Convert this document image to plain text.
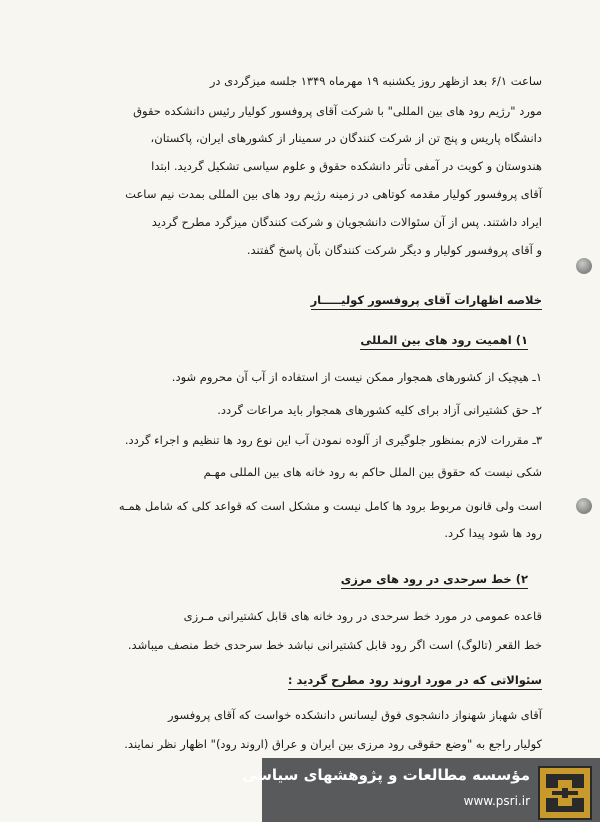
ساعت ۶/۱ بعد ازظهر روز یکشنبه ۱۹ مهرماه ۱۳۴۹ جلسه میزگردی در
مورد "رژیم رود های بین المللی" با شرکت آقای پروفسور کولیار رئیس دانشکده حقوق
دانشگاه پاریس و پنج تن از شرکت کنندگان در سمینار از کشورهای ایران، پاکستان،
هندوستان و کویت در آمفی تأتر دانشکده حقوق و علوم سیاسی تشکیل گردید. ابتدا
آقای پروفسور کولیار مقدمه کوتاهی در زمینه رژیم رود های بین المللی بمدت نیم ساعت
ایراد داشتند. پس از آن سئوالات دانشجویان و شرکت کنندگان میزگرد مطرح گردید
و آقای پروفسور کولیار و دیگر شرکت کنندگان بآن پاسخ گفتند.
خلاصه اظهارات آقای پروفسور کولیـــــار
۱) اهمیت رود های بین المللی
۱ـ هیچیک از کشورهای همجوار ممکن نیست از استفاده از آب آن محروم شود.
۲ـ حق کشتیرانی آزاد برای کلیه کشورهای همجوار باید مراعات گردد.
۳ـ مقررات لازم بمنظور جلوگیری از آلوده نمودن آب این نوع رود ها تنظیم و اجراء گردد.
شکی نیست که حقوق بین الملل حاکم به رود خانه های بین المللی مهـم
است ولی قانون مربوط برود ها کامل نیست و مشکل است که قواعد کلی که شامل همـه
رود ها شود پیدا کرد.
۲) خط سرحدی در رود های مرزی
قاعده عمومی در مورد خط سرحدی در رود خانه های قابل کشتیرانی مـرزی
خط القعر (تالوگ) است اگر رود قابل کشتیرانی نباشد خط سرحدی خط منصف میباشد.
سئوالاتی که در مورد اروند رود مطرح گردید :
آقای شهباز شهنواز دانشجوی فوق لیسانس دانشکده خواست که آقای پروفسور
کولیار راجع به "وضع حقوقی رود مرزی بین ایران و عراق (اروند رود)" اظهار نظر نمایند.
مؤسسه مطالعات و پژوهشهای سیاسی
www.psri.ir
